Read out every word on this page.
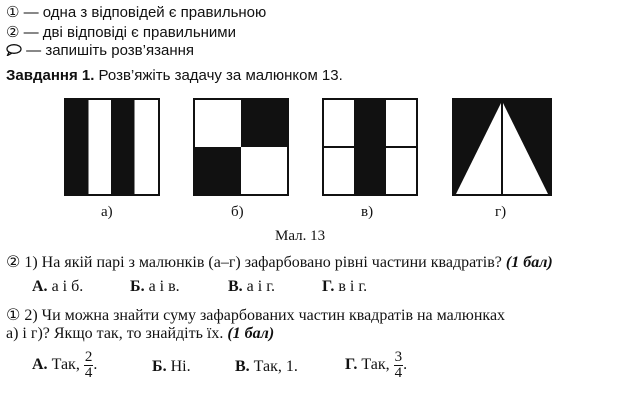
① — одна з відповідей є правильною
② — дві відповіді є правильними
— запишіть розв’язання
Завдання 1. Розв’яжіть задачу за малюнком 13.
а)	б)	в)	г)
Мал. 13
② 1) На якій парі з малюнків (а–г) зафарбовано рівні частини квадратів? (1 бал)
А. а і б.	Б. а і в.	В. а і г.	Г. в і г.
① 2) Чи можна знайти суму зафарбованих частин квадратів на малюнках
а) і г)? Якщо так, то знайдіть їх. (1 бал)
А. Так, $\frac{2}{4}$ .	Б. Ні.	В. Так, 1.	Г. Так, $\frac{3}{4}$ .
